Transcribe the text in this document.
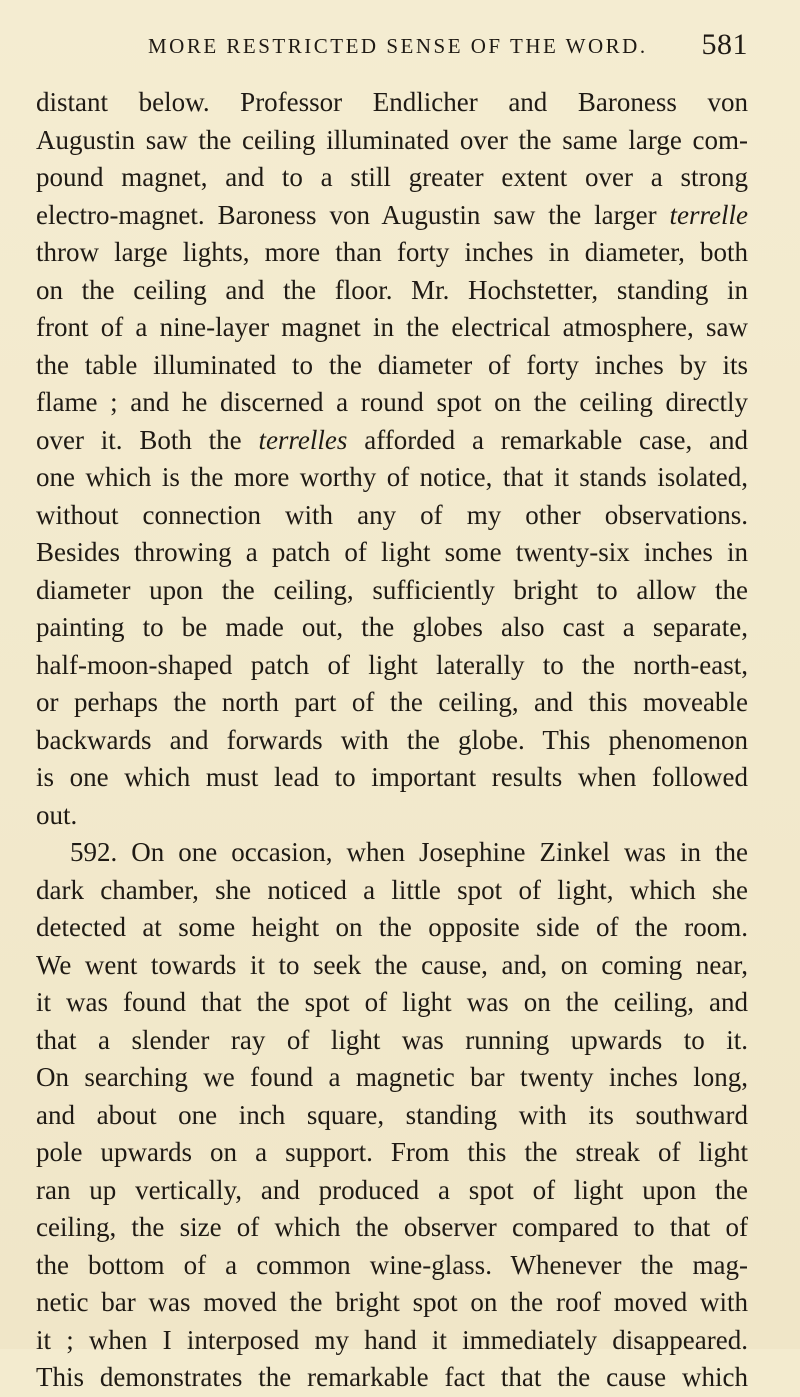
MORE RESTRICTED SENSE OF THE WORD. 581
distant below. Professor Endlicher and Baroness von
Augustin saw the ceiling illuminated over the same large com-
pound magnet, and to a still greater extent over a strong
electro-magnet. Baroness von Augustin saw the larger terrelle
throw large lights, more than forty inches in diameter, both
on the ceiling and the floor. Mr. Hochstetter, standing in
front of a nine-layer magnet in the electrical atmosphere, saw
the table illuminated to the diameter of forty inches by its
flame ; and he discerned a round spot on the ceiling directly
over it. Both the terrelles afforded a remarkable case, and
one which is the more worthy of notice, that it stands isolated,
without connection with any of my other observations.
Besides throwing a patch of light some twenty-six inches in
diameter upon the ceiling, sufficiently bright to allow the
painting to be made out, the globes also cast a separate,
half-moon-shaped patch of light laterally to the north-east,
or perhaps the north part of the ceiling, and this moveable
backwards and forwards with the globe. This phenomenon
is one which must lead to important results when followed
out.
592. On one occasion, when Josephine Zinkel was in the
dark chamber, she noticed a little spot of light, which she
detected at some height on the opposite side of the room.
We went towards it to seek the cause, and, on coming near,
it was found that the spot of light was on the ceiling, and
that a slender ray of light was running upwards to it.
On searching we found a magnetic bar twenty inches long,
and about one inch square, standing with its southward
pole upwards on a support. From this the streak of light
ran up vertically, and produced a spot of light upon the
ceiling, the size of which the observer compared to that of
the bottom of a common wine-glass. Whenever the mag-
netic bar was moved the bright spot on the roof moved with
it ; when I interposed my hand it immediately disappeared.
This demonstrates the remarkable fact that the cause which
